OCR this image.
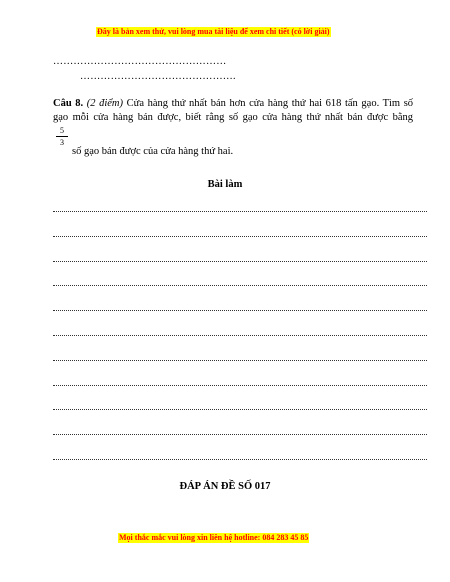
Đây là bản xem thử, vui lòng mua tài liệu để xem chi tiết (có lời giải)
……………………………………………
……………………………………….

Câu 8. (2 điểm) Cửa hàng thứ nhất bán hơn cửa hàng thứ hai 618 tấn gạo. Tìm số

gạo mỗi cửa hàng bán được, biết rằng số gạo cửa hàng thứ nhất bán được bằng

$\frac{5}{3}$
số gạo bán được của cửa hàng thứ hai.
Bài làm
ĐÁP ÁN ĐỀ SỐ 017
Mọi thắc mắc vui lòng xin liên hệ hotline: 084 283 45 85
